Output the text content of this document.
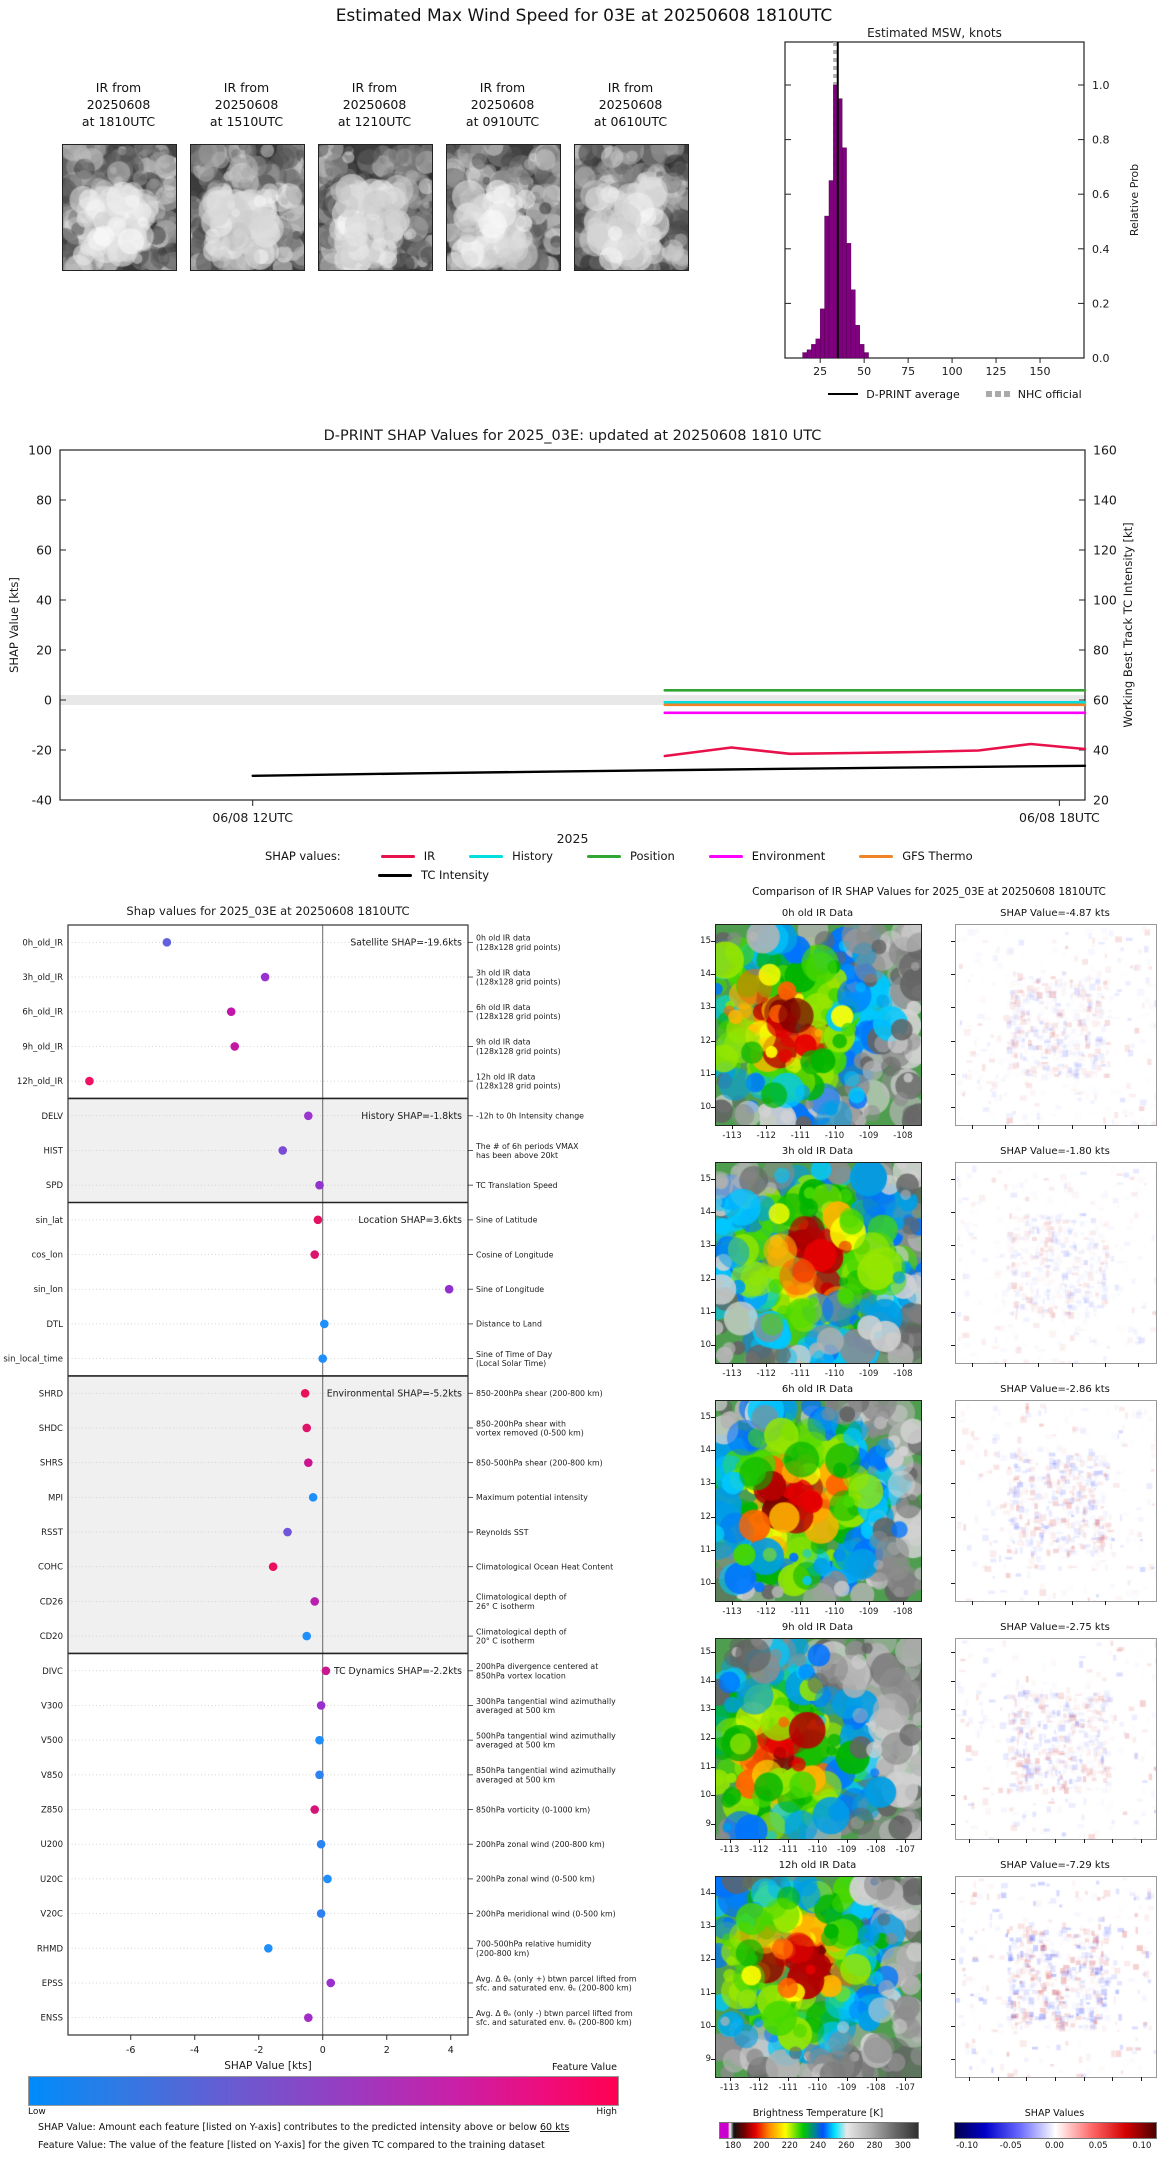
Estimated Max Wind Speed for 03E at 20250608 1810UTC
IR from
20250608
at 1810UTC
IR from
20250608
at 1510UTC
IR from
20250608
at 1210UTC
IR from
20250608
at 0910UTC
IR from
20250608
at 0610UTC
Estimated MSW, knots
25	50	75 100 125 150
0.0
0.2
0.4
0.6
0.8
1.0
Relative Prob
D-PRINT average	NHC official
D-PRINT SHAP Values for 2025_03E: updated at 20250608 1810 UTC
100	160
80	140
60	120
40	100
20	80
0	60
-20	40
-40	20
06/08 12UTC	06/08 18UTC
2025
SHAP Value [kts]	Working Best Track TC Intensity [kt]
SHAP values:	IR	History	Position	Environment	GFS Thermo
TC Intensity
Shap values for 2025_03E at 20250608 1810UTC
Satellite SHAP=-19.6kts
History SHAP=-1.8kts
Location SHAP=3.6kts
Environmental SHAP=-5.2kts
TC Dynamics SHAP=-2.2kts
0h_old_IR
0h old IR data (128x128 grid points)
3h_old_IR
3h old IR data (128x128 grid points)
6h_old_IR
6h old IR data (128x128 grid points)
9h_old_IR
9h old IR data (128x128 grid points)
12h_old_IR
12h old IR data (128x128 grid points)
DELV	-12h to 0h Intensity change
HIST
The # of 6h periods VMAX has been above 20kt
SPD	TC Translation Speed
sin_lat	Sine of Latitude
cos_lon	Cosine of Longitude
sin_lon	Sine of Longitude
DTL	Distance to Land
sin_local_time
Sine of Time of Day (Local Solar Time)
SHRD	850-200hPa shear (200-800 km)
SHDC
850-200hPa shear with vortex removed (0-500 km)
SHRS	850-500hPa shear (200-800 km)
MPI	Maximum potential intensity
RSST	Reynolds SST
COHC	Climatological Ocean Heat Content
CD26
Climatological depth of 26° C isotherm
CD20
Climatological depth of 20° C isotherm
DIVC
200hPa divergence centered at 850hPa vortex location
V300
300hPa tangential wind azimuthally averaged at 500 km
V500
500hPa tangential wind azimuthally averaged at 500 km
V850
850hPa tangential wind azimuthally averaged at 500 km
Z850	850hPa vorticity (0-1000 km)
U200	200hPa zonal wind (200-800 km)
U20C	200hPa zonal wind (0-500 km)
V20C	200hPa meridional wind (0-500 km)
RHMD
700-500hPa relative humidity (200-800 km)
EPSS
Avg. Δ θₑ (only +) btwn parcel lifted from sfc. and saturated env. θₑ (200-800 km)
ENSS
Avg. Δ θₑ (only -) btwn parcel lifted from sfc. and saturated env. θₑ (200-800 km)
-6	-4	-2	0	2	4
SHAP Value [kts]
Comparison of IR SHAP Values for 2025_03E at 20250608 1810UTC
0h old IR Data	SHAP Value=-4.87 kts
15
14
13
12
11
10
-113	-112	-111	-110	-109	-108
3h old IR Data	SHAP Value=-1.80 kts
15
14
13
12
11
10
-113	-112	-111	-110	-109	-108
6h old IR Data	SHAP Value=-2.86 kts
15
14
13
12
11
10
-113	-112	-111	-110	-109	-108
9h old IR Data	SHAP Value=-2.75 kts
15
14
13
12
11
10
9
-113	-112	-111	-110	-109	-108	-107
12h old IR Data	SHAP Value=-7.29 kts
14
13
12
11
10
9
-113	-112	-111	-110	-109	-108	-107
Feature Value
Low	High
SHAP Value: Amount each feature [listed on Y-axis] contributes to the predicted intensity above or below 60 kts
Feature Value: The value of the feature [listed on Y-axis] for the given TC compared to the training dataset
Brightness Temperature [K]
180	200	220	240	260	280	300
SHAP Values
-0.10	-0.05	0.00	0.05	0.10
